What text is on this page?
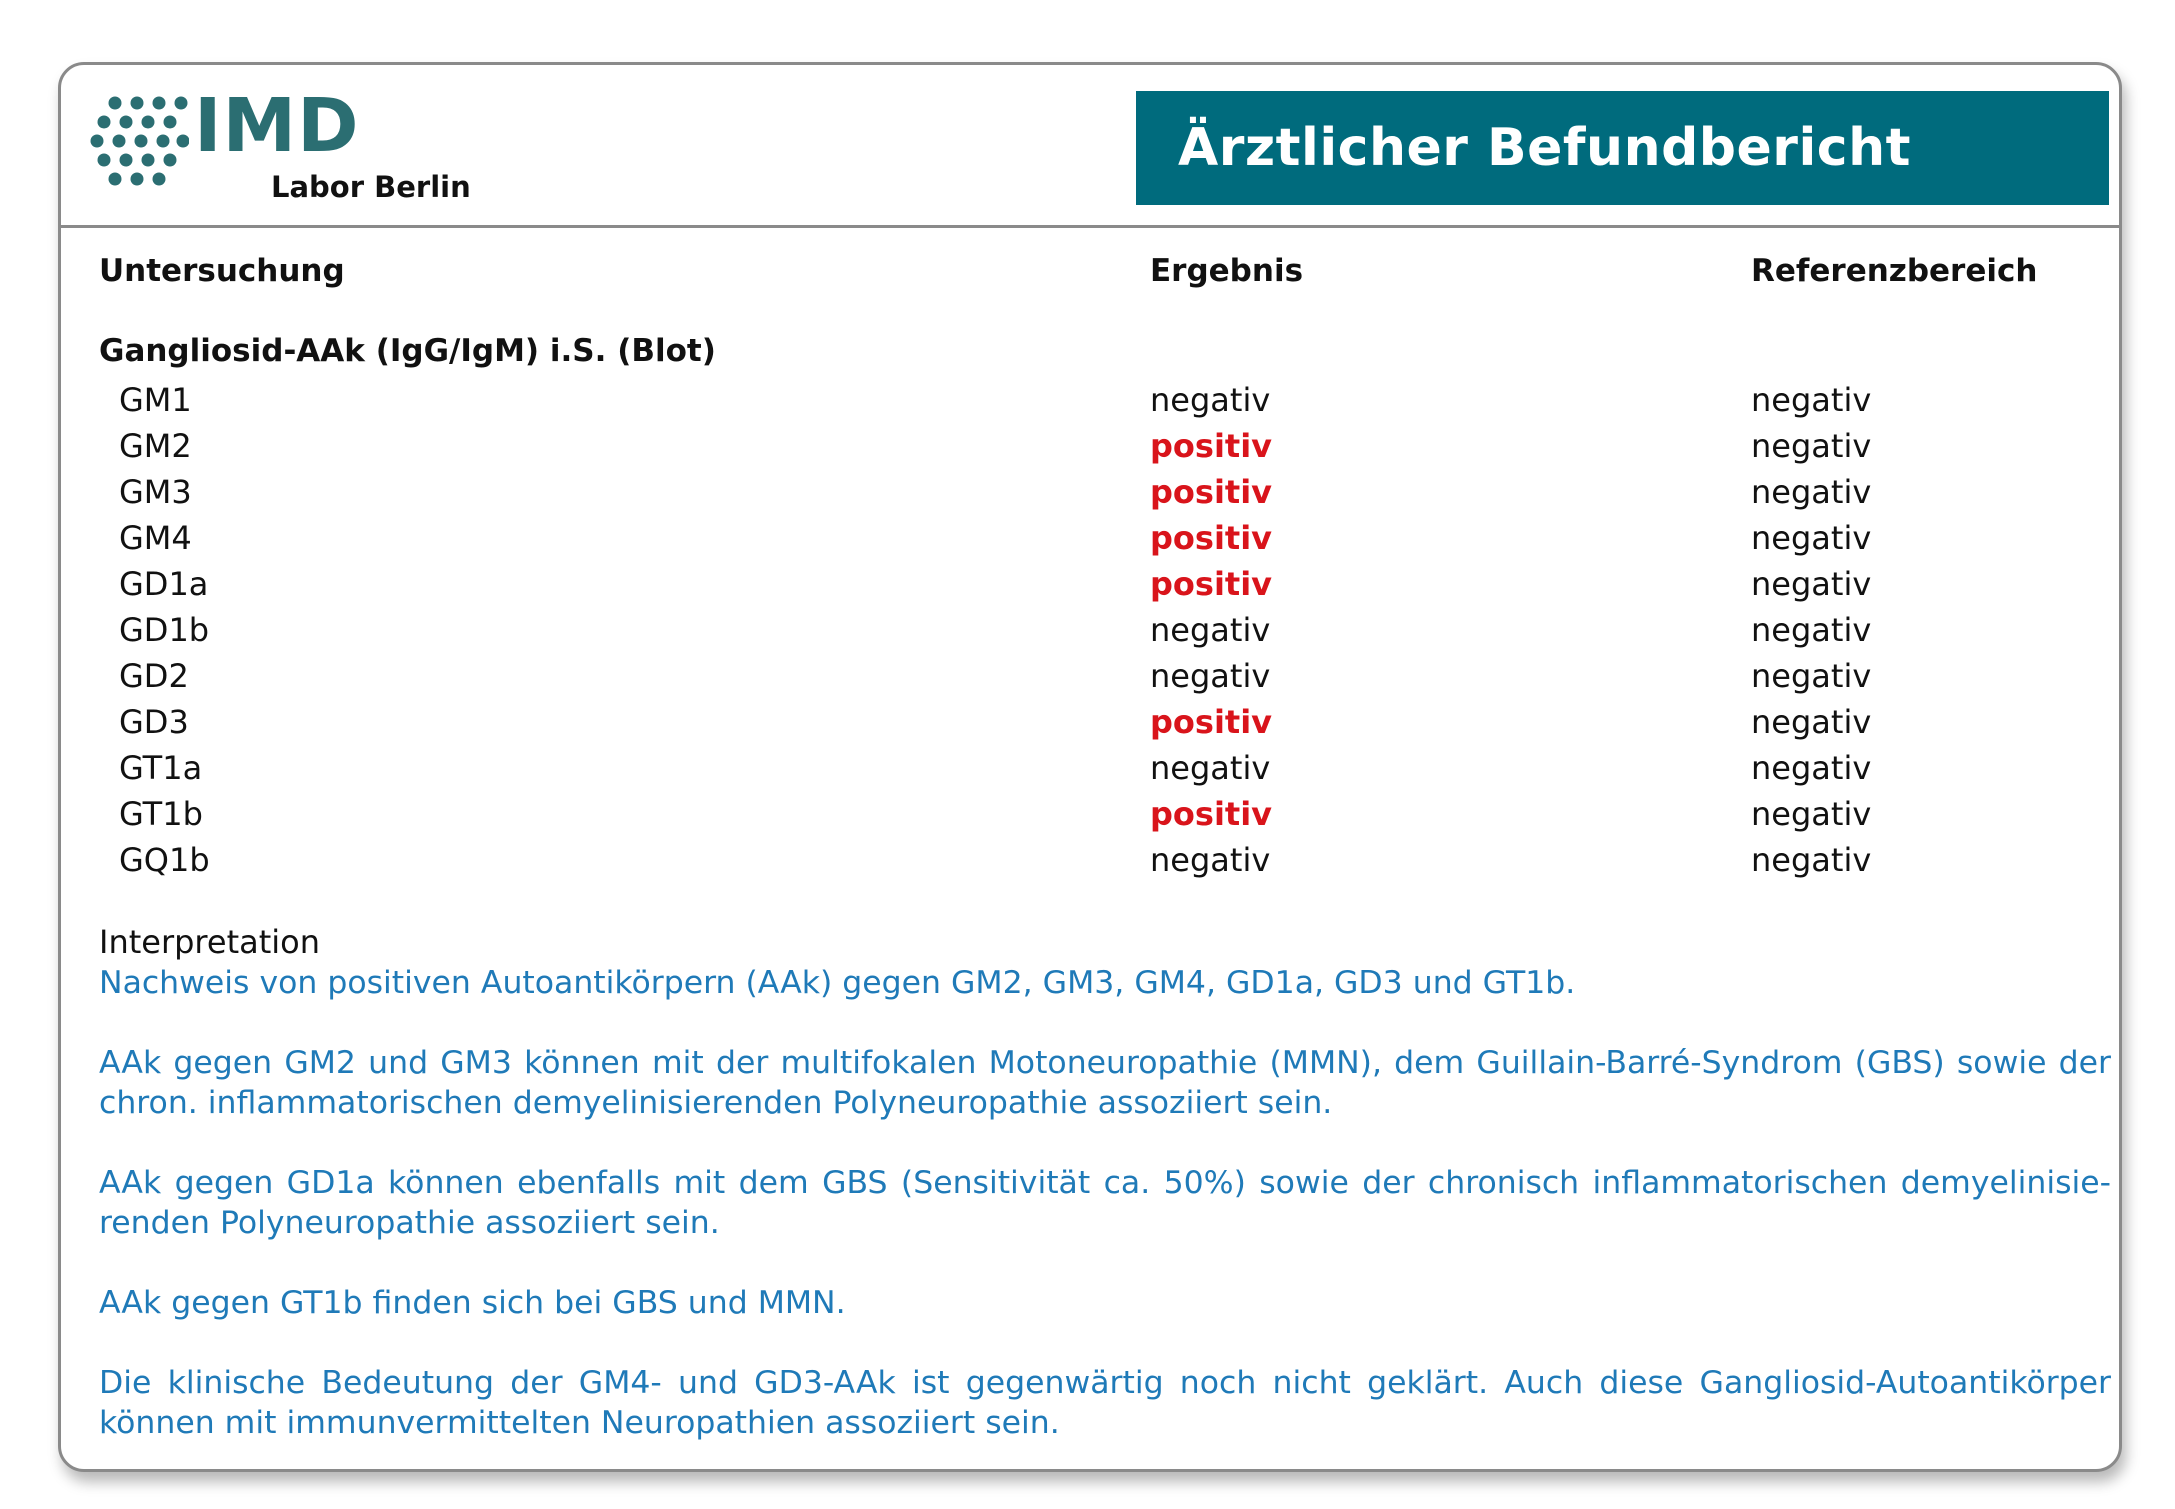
IMD
Labor Berlin
Ärztlicher Befundbericht
Untersuchung	Ergebnis	Referenzbereich
Gangliosid-AAk (IgG/IgM) i.S. (Blot)
GM1	negativ	negativ
GM2	positiv	negativ
GM3	positiv	negativ
GM4	positiv	negativ
GD1a	positiv	negativ
GD1b	negativ	negativ
GD2	negativ	negativ
GD3	positiv	negativ
GT1a	negativ	negativ
GT1b	positiv	negativ
GQ1b	negativ	negativ
Interpretation

Nachweis von positiven Autoantikörpern (AAk) gegen GM2, GM3, GM4, GD1a, GD3 und GT1b.

AAk gegen GM2 und GM3 können mit der multifokalen Motoneuropathie (MMN), dem Guillain-Barré-Syndrom (GBS) sowie der chron. inflammatorischen demyelinisierenden Polyneuropathie assoziiert sein.

AAk gegen GD1a können ebenfalls mit dem GBS (Sensitivität ca. 50%) sowie der chronisch inflammatorischen demyelinisie-renden Polyneuropathie assoziiert sein.

AAk gegen GT1b finden sich bei GBS und MMN.

Die klinische Bedeutung der GM4- und GD3-AAk ist gegenwärtig noch nicht geklärt. Auch diese Gangliosid-Autoantikörper können mit immunvermittelten Neuropathien assoziiert sein.
